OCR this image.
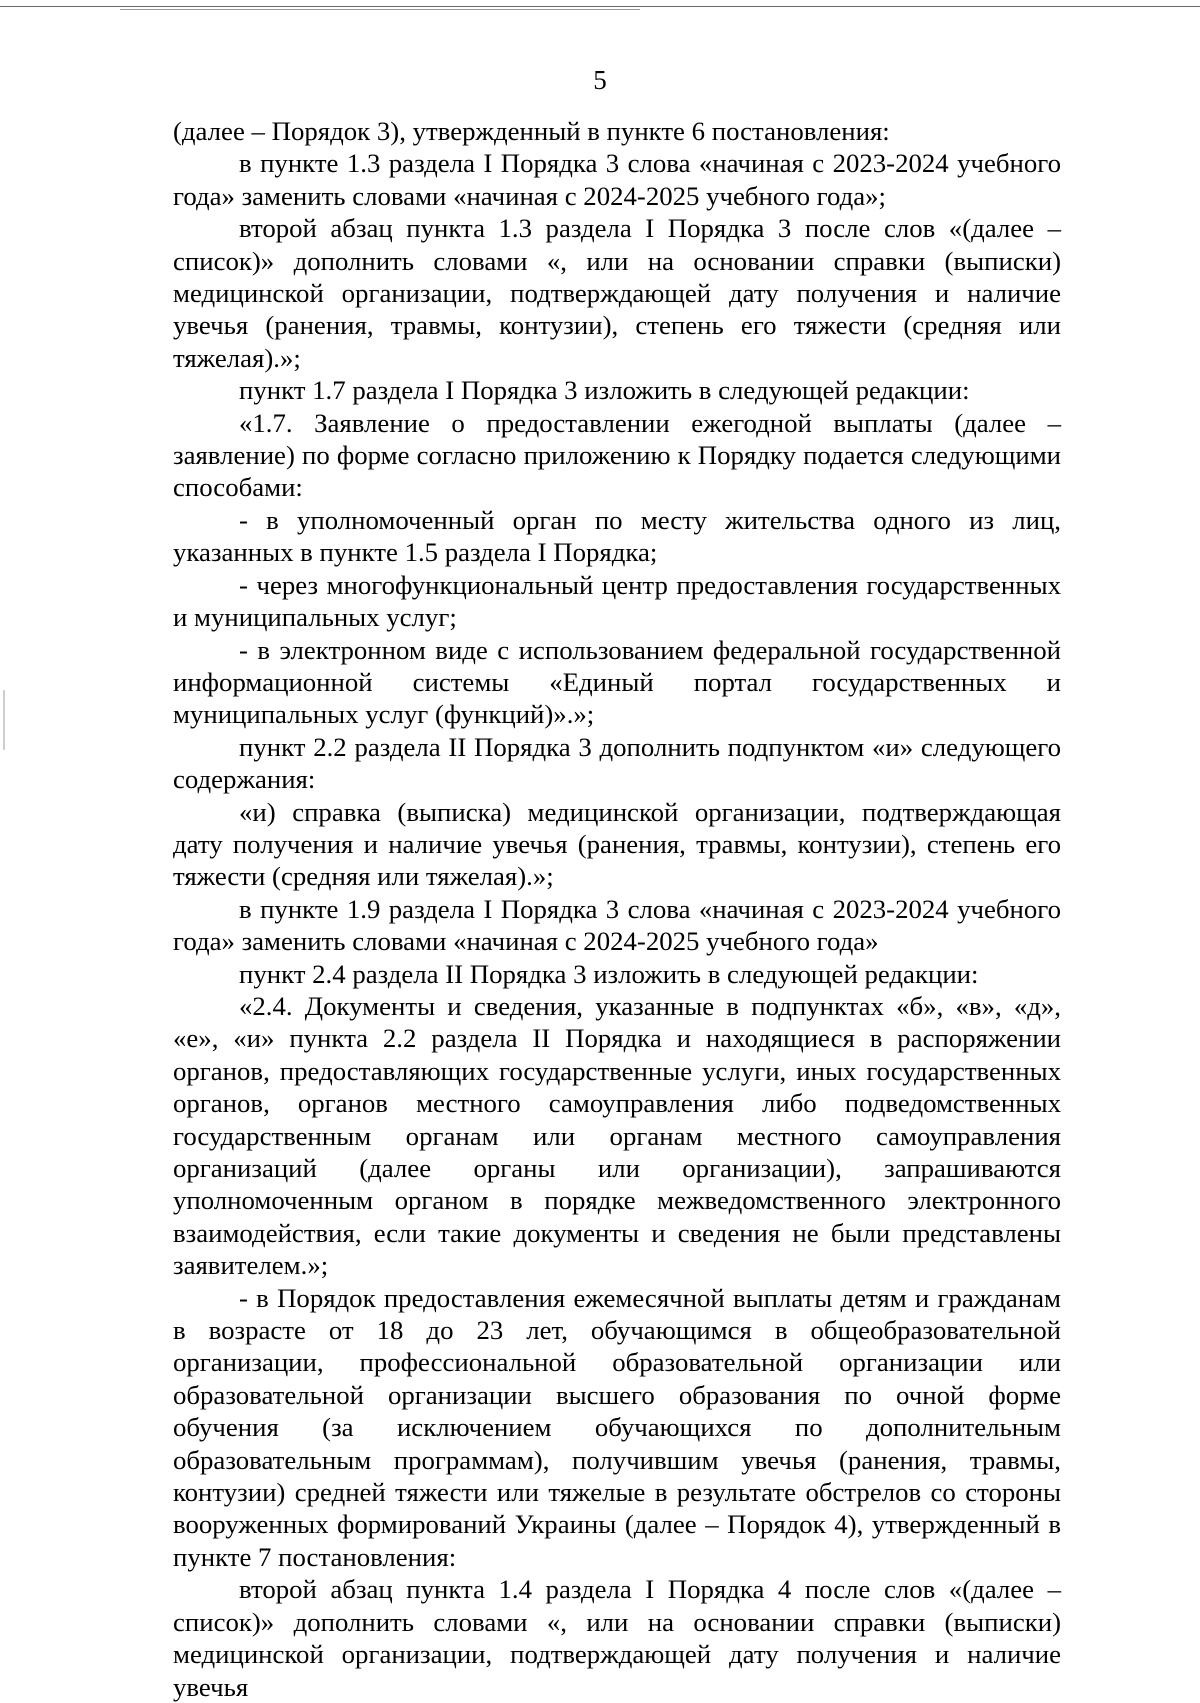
5

(далее – Порядок 3), утвержденный в пункте 6 постановления:

в пункте 1.3 раздела I Порядка 3 слова «начиная с 2023-2024 учебного года» заменить словами «начиная с 2024-2025 учебного года»;

второй абзац пункта 1.3 раздела I Порядка 3 после слов «(далее – список)» дополнить словами «, или на основании справки (выписки) медицинской организации, подтверждающей дату получения и наличие увечья (ранения, травмы, контузии), степень его тяжести (средняя или тяжелая).»;

пункт 1.7 раздела I Порядка 3 изложить в следующей редакции:

«1.7. Заявление о предоставлении ежегодной выплаты (далее – заявление) по форме согласно приложению к Порядку подается следующими способами:

- в уполномоченный орган по месту жительства одного из лиц, указанных в пункте 1.5 раздела I Порядка;

- через многофункциональный центр предоставления государственных и муниципальных услуг;

- в электронном виде с использованием федеральной государственной информационной системы «Единый портал государственных и муниципальных услуг (функций)».»;

пункт 2.2 раздела II Порядка 3 дополнить подпунктом «и» следующего содержания:

«и) справка (выписка) медицинской организации, подтверждающая дату получения и наличие увечья (ранения, травмы, контузии), степень его тяжести (средняя или тяжелая).»;

в пункте 1.9 раздела I Порядка 3 слова «начиная с 2023-2024 учебного года» заменить словами «начиная с 2024-2025 учебного года»

пункт 2.4 раздела II Порядка 3 изложить в следующей редакции:

«2.4. Документы и сведения, указанные в подпунктах «б», «в», «д», «е», «и» пункта 2.2 раздела II Порядка и находящиеся в распоряжении органов, предоставляющих государственные услуги, иных государственных органов, органов местного самоуправления либо подведомственных государственным органам или органам местного самоуправления организаций (далее органы или организации), запрашиваются уполномоченным органом в порядке межведомственного электронного взаимодействия, если такие документы и сведения не были представлены заявителем.»;

- в Порядок предоставления ежемесячной выплаты детям и гражданам в возрасте от 18 до 23 лет, обучающимся в общеобразовательной организации, профессиональной образовательной организации или образовательной организации высшего образования по очной форме обучения (за исключением обучающихся по дополнительным образовательным программам), получившим увечья (ранения, травмы, контузии) средней тяжести или тяжелые в результате обстрелов со стороны вооруженных формирований Украины (далее – Порядок 4), утвержденный в пункте 7 постановления:

второй абзац пункта 1.4 раздела I Порядка 4 после слов «(далее – список)» дополнить словами «, или на основании справки (выписки) медицинской организации, подтверждающей дату получения и наличие увечья
